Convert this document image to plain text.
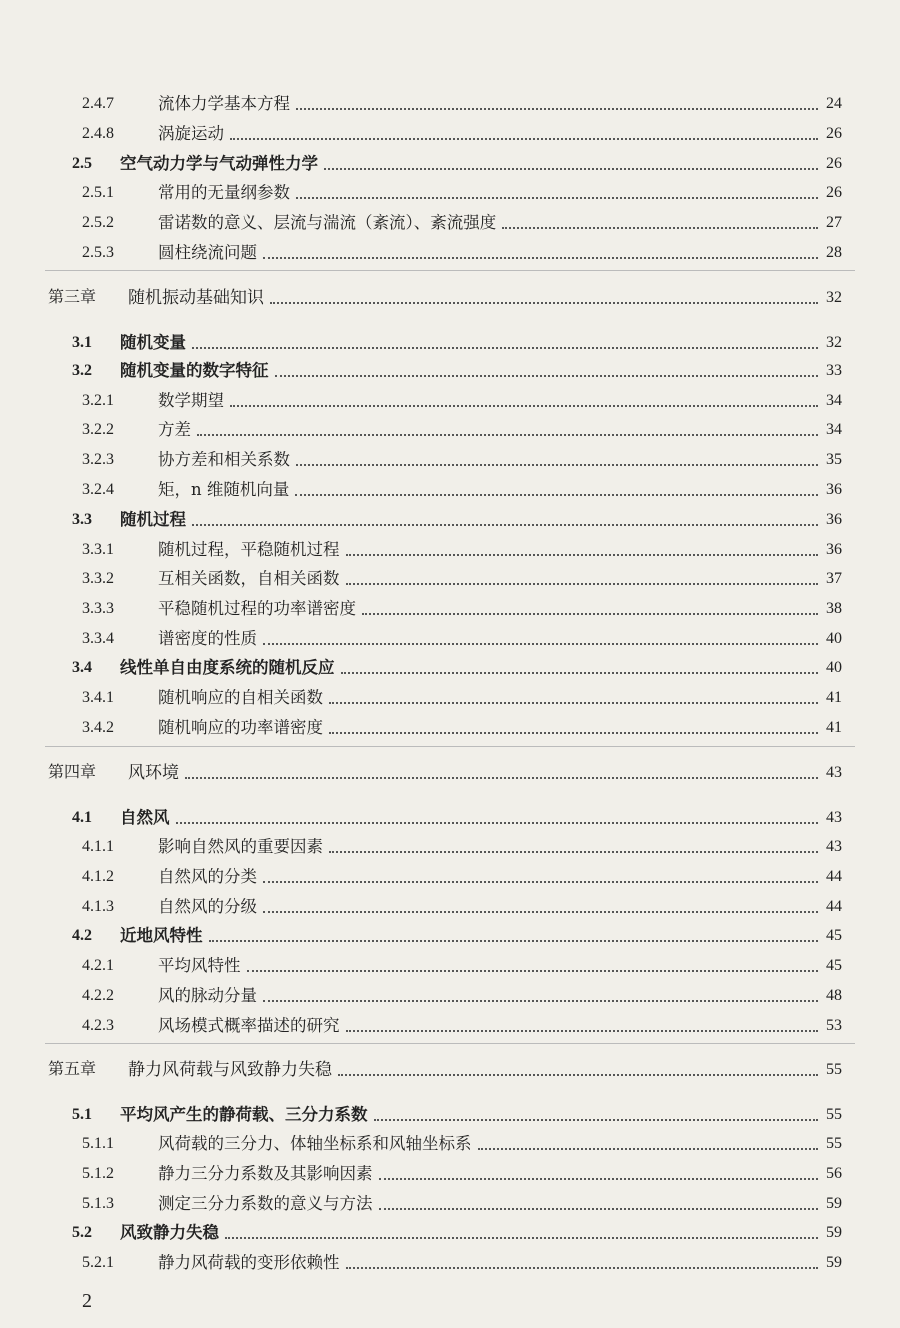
2.4.7	流体力学基本方程	24
2.4.8	涡旋运动	26
2.5 空气动力学与气动弹性力学	26
2.5.1	常用的无量纲参数	26
2.5.2	雷诺数的意义、层流与湍流（紊流）、紊流强度	27
2.5.3	圆柱绕流问题	28
第三章 随机振动基础知识	32
3.1 随机变量	32
3.2 随机变量的数字特征	33
3.2.1	数学期望	34
3.2.2	方差	34
3.2.3	协方差和相关系数	35
3.2.4	矩，n 维随机向量	36
3.3 随机过程	36
3.3.1	随机过程，平稳随机过程	36
3.3.2	互相关函数，自相关函数	37
3.3.3	平稳随机过程的功率谱密度	38
3.3.4	谱密度的性质	40
3.4 线性单自由度系统的随机反应	40
3.4.1	随机响应的自相关函数	41
3.4.2	随机响应的功率谱密度	41
第四章 风环境	43
4.1 自然风	43
4.1.1	影响自然风的重要因素	43
4.1.2	自然风的分类	44
4.1.3	自然风的分级	44
4.2 近地风特性	45
4.2.1	平均风特性	45
4.2.2	风的脉动分量	48
4.2.3	风场模式概率描述的研究	53
第五章 静力风荷载与风致静力失稳	55
5.1 平均风产生的静荷载、三分力系数	55
5.1.1	风荷载的三分力、体轴坐标系和风轴坐标系	55
5.1.2	静力三分力系数及其影响因素	56
5.1.3	测定三分力系数的意义与方法	59
5.2 风致静力失稳	59
5.2.1	静力风荷载的变形依赖性	59
2
